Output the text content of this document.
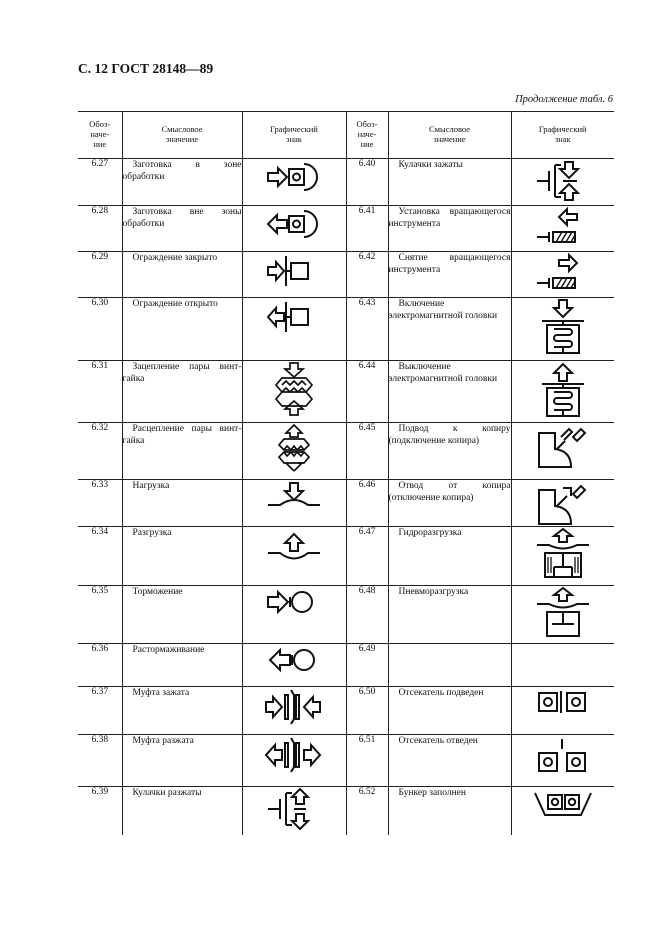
С. 12 ГОСТ 28148—89
Продолжение табл. 6
Обоз-
наче-
ние	Смысловое
значение	Графический
знак	Обоз-
наче-
ние	Смысловое
значение	Графический
знак

6.27	Заготовка в зоне обработки		6.40	Кулачки зажаты	

6.28	Заготовка вне зоны обработки		6.41	Установка вращающегося инструмента	

6.29	Ограждение закрыто		6.42	Снятие вращающегося инструмента	

6.30	Ограждение открыто		6.43	Включение электромагнитной головки	

6.31	Зацепление пары винт-гайка		6.44	Выключение электромагнитной головки	

6.32	Расцепление пары винт-гайка		6.45	Подвод к копиру (подключение копира)	

6.33	Нагрузка		6.46	Отвод от копира (отключение копира)	

6.34	Разгрузка		6.47	Гидроразгрузка	

6.35	Торможение		6.48	Пневморазгрузка	

6.36	Растормаживание		6.49		
6.37	Муфта зажата		6.50	Отсекатель подведен	

6.38	Муфта разжата		6.51	Отсекатель отведен	

6.39	Кулачки разжаты		6.52	Бункер заполнен	
